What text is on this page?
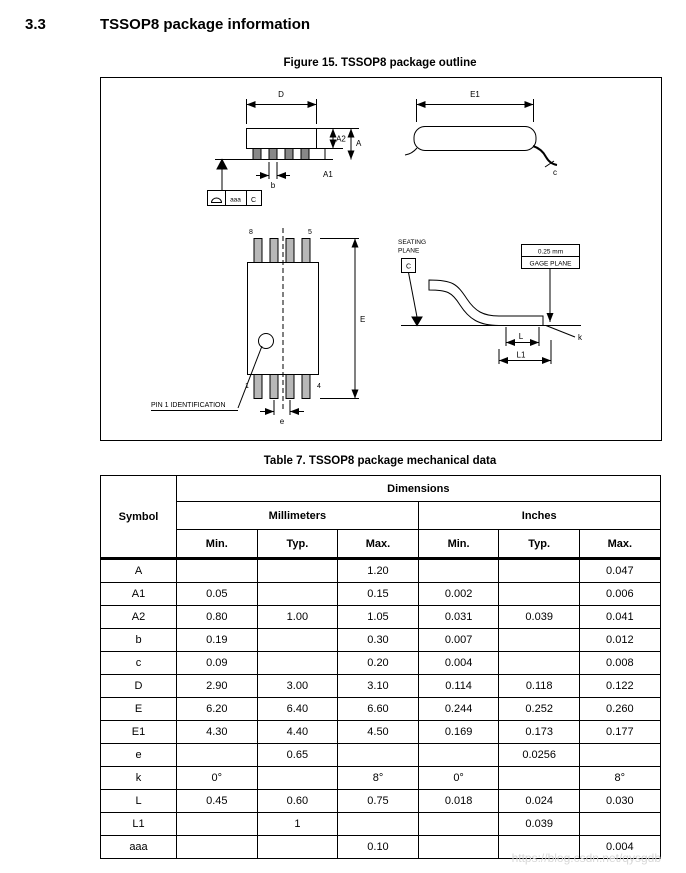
3.3	TSSOP8 package information
Figure 15. TSSOP8 package outline
D
A2 A
A1
b
aaa C
E1
c
8	5
1	4
E
e
PIN 1 IDENTIFICATION
SEATING
PLANE
C
0.25 mm
GAGE PLANE
L
L1
k
Table 7. TSSOP8 package mechanical data
Symbol	Dimensions					
	Millimeters			Inches		
	Min.	Typ.	Max.	Min.	Typ.	Max.
A			1.20			0.047
A1	0.05		0.15	0.002		0.006
A2	0.80	1.00	1.05	0.031	0.039	0.041
b	0.19		0.30	0.007		0.012
c	0.09		0.20	0.004		0.008
D	2.90	3.00	3.10	0.114	0.118	0.122
E	6.20	6.40	6.60	0.244	0.252	0.260
E1	4.30	4.40	4.50	0.169	0.173	0.177
e		0.65			0.0256	
k	0°		8°	0°		8°
L	0.45	0.60	0.75	0.018	0.024	0.030
L1		1			0.039	
aaa			0.10			0.004
https://blog.csdn.net/qysgdb
